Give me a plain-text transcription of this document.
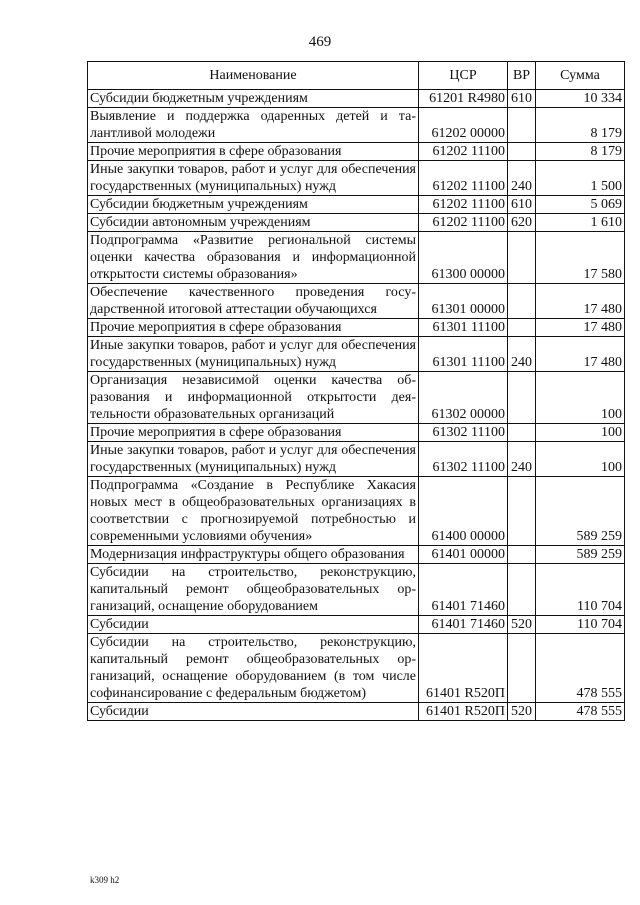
469
Наименование	ЦСР	ВР	Сумма
Субсидии бюджетным учреждениям	61201 R4980	610	10 334
Выявление и поддержка одаренных детей и талантливой молодежи	61202 00000		8 179
Прочие мероприятия в сфере образования	61202 11100		8 179
Иные закупки товаров, работ и услуг для обеспечения государственных (муниципальных) нужд	61202 11100	240	1 500
Субсидии бюджетным учреждениям	61202 11100	610	5 069
Субсидии автономным учреждениям	61202 11100	620	1 610
Подпрограмма «Развитие региональной системы оценки качества образования и информационной открытости системы образования»	61300 00000		17 580
Обеспечение качественного проведения государственной итоговой аттестации обучающихся	61301 00000		17 480
Прочие мероприятия в сфере образования	61301 11100		17 480
Иные закупки товаров, работ и услуг для обеспечения государственных (муниципальных) нужд	61301 11100	240	17 480
Организация независимой оценки качества образования и информационной открытости деятельности образовательных организаций	61302 00000		100
Прочие мероприятия в сфере образования	61302 11100		100
Иные закупки товаров, работ и услуг для обеспечения государственных (муниципальных) нужд	61302 11100	240	100
Подпрограмма «Создание в Республике Хакасия новых мест в общеобразовательных организациях в соответствии с прогнозируемой потребностью и современными условиями обучения»	61400 00000		589 259
Модернизация инфраструктуры общего образования	61401 00000		589 259
Субсидии на строительство, реконструкцию, капитальный ремонт общеобразовательных организаций, оснащение оборудованием	61401 71460		110 704
Субсидии	61401 71460	520	110 704
Субсидии на строительство, реконструкцию, капитальный ремонт общеобразовательных организаций, оснащение оборудованием (в том числе софинансирование с федеральным бюджетом)	61401 R520П		478 555
Субсидии	61401 R520П	520	478 555
k309 h2
